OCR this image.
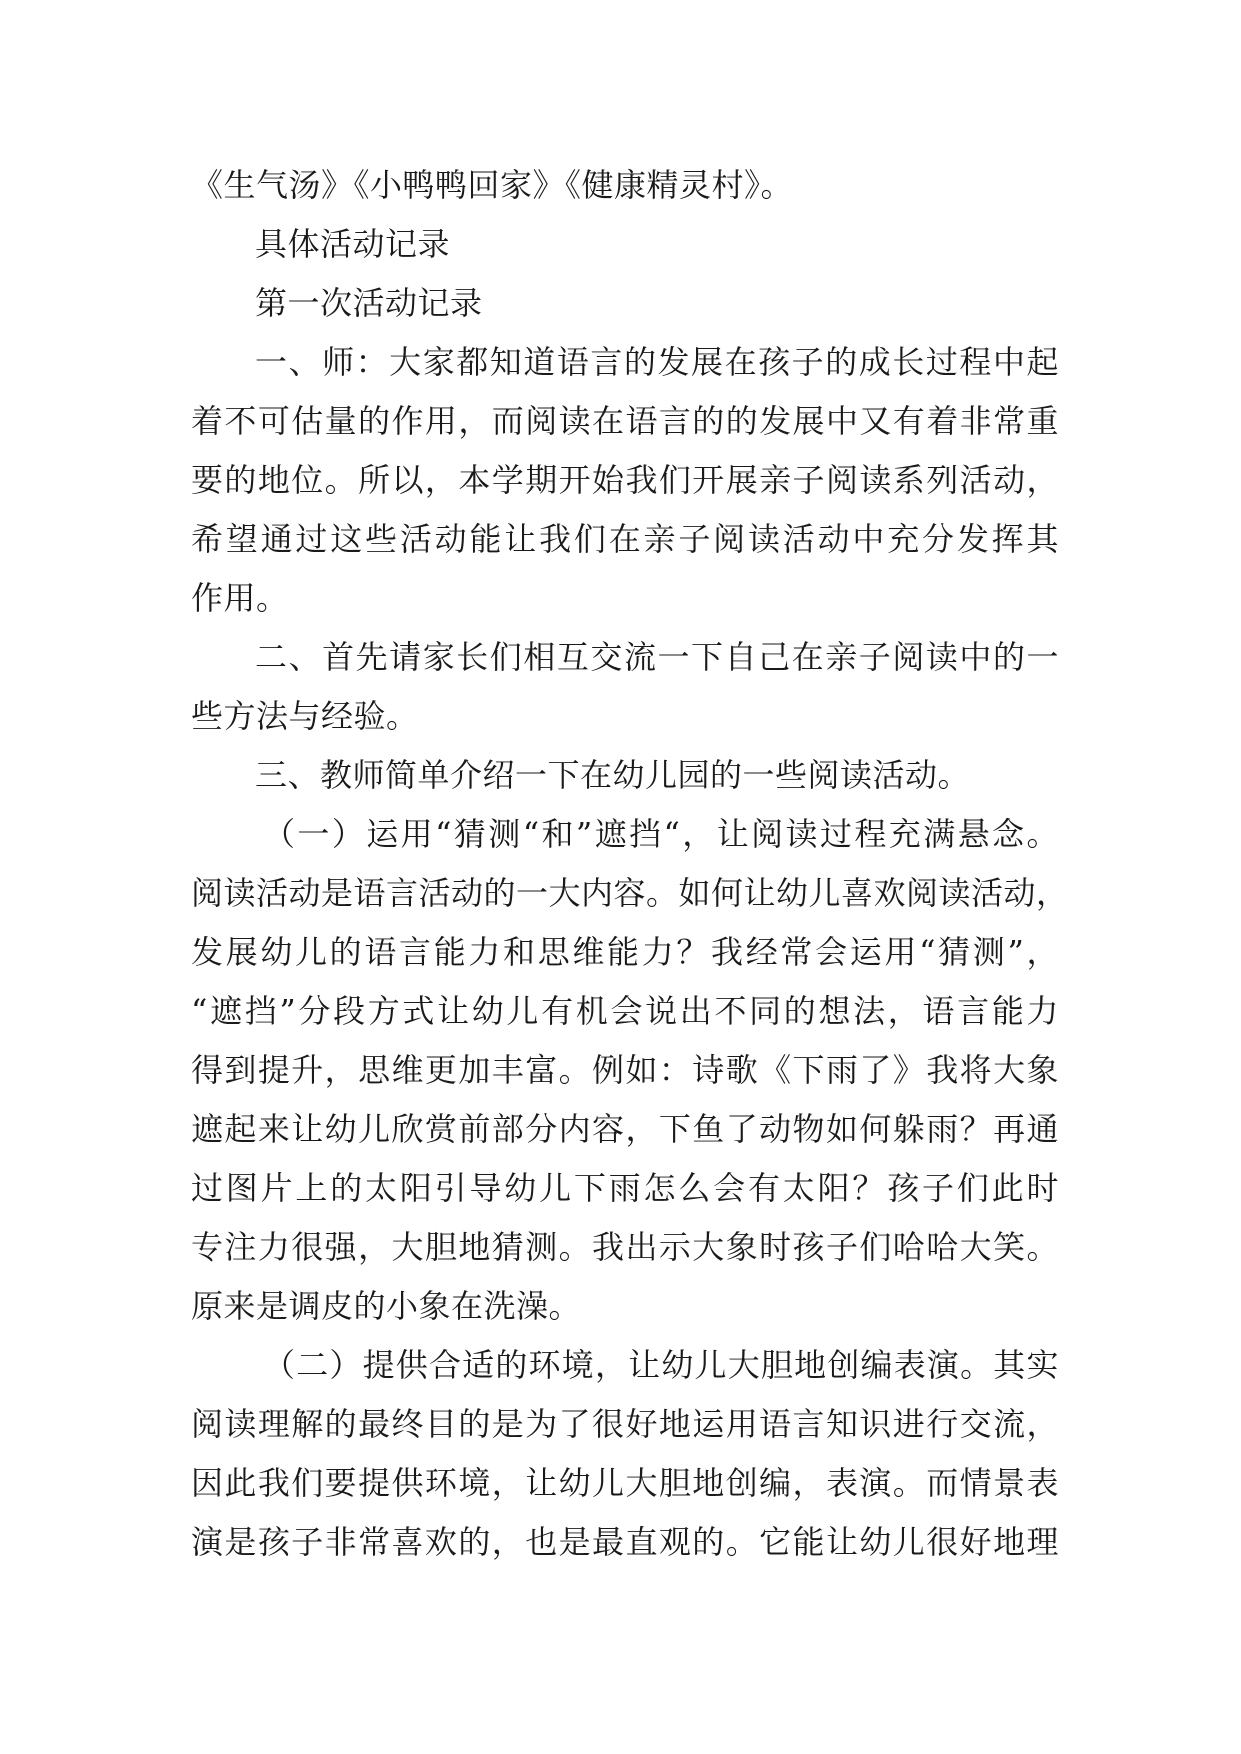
《生气汤》《小鸭鸭回家》《健康精灵村》。

具体活动记录

第一次活动记录

一、师：大家都知道语言的发展在孩子的成长过程中起

着不可估量的作用，而阅读在语言的的发展中又有着非常重

要的地位。所以，本学期开始我们开展亲子阅读系列活动，

希望通过这些活动能让我们在亲子阅读活动中充分发挥其

作用。

二、首先请家长们相互交流一下自己在亲子阅读中的一

些方法与经验。

三、教师简单介绍一下在幼儿园的一些阅读活动。

（一）运用“猜测“和”遮挡“，让阅读过程充满悬念。

阅读活动是语言活动的一大内容。如何让幼儿喜欢阅读活动，

发展幼儿的语言能力和思维能力？我经常会运用“猜测”，

“遮挡”分段方式让幼儿有机会说出不同的想法，语言能力

得到提升，思维更加丰富。例如：诗歌《下雨了》我将大象

遮起来让幼儿欣赏前部分内容，下鱼了动物如何躲雨？再通

过图片上的太阳引导幼儿下雨怎么会有太阳？孩子们此时

专注力很强，大胆地猜测。我出示大象时孩子们哈哈大笑。

原来是调皮的小象在洗澡。

（二）提供合适的环境，让幼儿大胆地创编表演。其实

阅读理解的最终目的是为了很好地运用语言知识进行交流，

因此我们要提供环境，让幼儿大胆地创编，表演。而情景表

演是孩子非常喜欢的，也是最直观的。它能让幼儿很好地理
